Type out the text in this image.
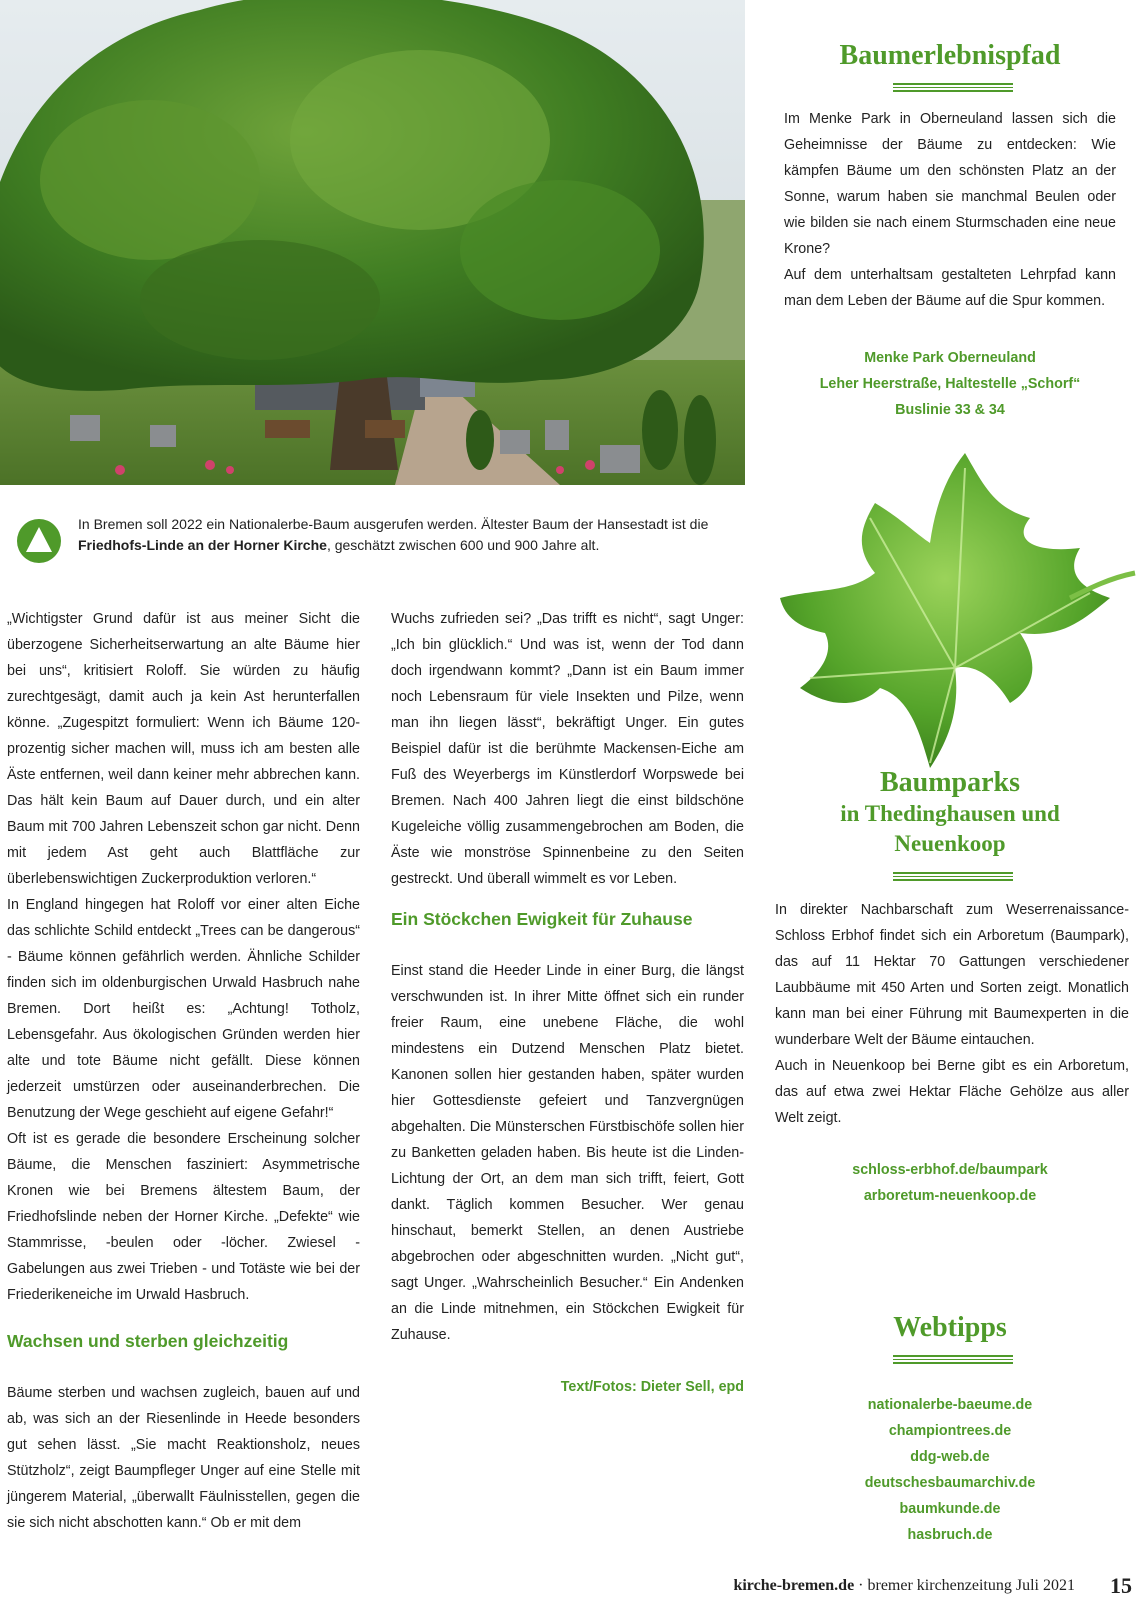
In Bremen soll 2022 ein Nationalerbe-Baum ausgerufen werden. Ältester Baum der Hansestadt ist die Friedhofs-Linde an der Horner Kirche, geschätzt zwischen 600 und 900 Jahre alt.

„Wichtigster Grund dafür ist aus meiner Sicht die überzogene Sicherheitserwartung an alte Bäume hier bei uns“, kritisiert Roloff. Sie würden zu häufig zurechtgesägt, damit auch ja kein Ast herunterfallen könne. „Zugespitzt formuliert: Wenn ich Bäume 120-prozentig sicher machen will, muss ich am besten alle Äste entfernen, weil dann keiner mehr abbrechen kann. Das hält kein Baum auf Dauer durch, und ein alter Baum mit 700 Jahren Lebenszeit schon gar nicht. Denn mit jedem Ast geht auch Blattfläche zur überlebenswichtigen Zuckerproduktion verloren.“

In England hingegen hat Roloff vor einer alten Eiche das schlichte Schild entdeckt „Trees can be dangerous“ - Bäume können gefährlich werden. Ähnliche Schilder finden sich im oldenburgischen Urwald Hasbruch nahe Bremen. Dort heißt es: „Achtung! Totholz, Lebensgefahr. Aus ökologischen Gründen werden hier alte und tote Bäume nicht gefällt. Diese können jederzeit umstürzen oder auseinanderbrechen. Die Benutzung der Wege geschieht auf eigene Gefahr!“

Oft ist es gerade die besondere Erscheinung solcher Bäume, die Menschen fasziniert: Asymmetrische Kronen wie bei Bremens ältestem Baum, der Friedhofslinde neben der Horner Kirche. „Defekte“ wie Stammrisse, -beulen oder -löcher. Zwiesel - Gabelungen aus zwei Trieben - und Totäste wie bei der Friederikeneiche im Urwald Hasbruch.

Wachsen und sterben gleichzeitig

Bäume sterben und wachsen zugleich, bauen auf und ab, was sich an der Riesenlinde in Heede besonders gut sehen lässt. „Sie macht Reaktionsholz, neues Stützholz“, zeigt Baumpfleger Unger auf eine Stelle mit jüngerem Material, „überwallt Fäulnisstellen, gegen die sie sich nicht abschotten kann.“ Ob er mit dem

Wuchs zufrieden sei? „Das trifft es nicht“, sagt Unger: „Ich bin glücklich.“ Und was ist, wenn der Tod dann doch irgendwann kommt? „Dann ist ein Baum immer noch Lebensraum für viele Insekten und Pilze, wenn man ihn liegen lässt“, bekräftigt Unger. Ein gutes Beispiel dafür ist die berühmte Mackensen-Eiche am Fuß des Weyerbergs im Künstlerdorf Worpswede bei Bremen. Nach 400 Jahren liegt die einst bildschöne Kugeleiche völlig zusammengebrochen am Boden, die Äste wie monströse Spinnenbeine zu den Seiten gestreckt. Und überall wimmelt es vor Leben.

Ein Stöckchen Ewigkeit für Zuhause

Einst stand die Heeder Linde in einer Burg, die längst verschwunden ist. In ihrer Mitte öffnet sich ein runder freier Raum, eine unebene Fläche, die wohl mindestens ein Dutzend Menschen Platz bietet. Kanonen sollen hier gestanden haben, später wurden hier Gottesdienste gefeiert und Tanzvergnügen abgehalten. Die Münsterschen Fürstbischöfe sollen hier zu Banketten geladen haben. Bis heute ist die Linden-Lichtung der Ort, an dem man sich trifft, feiert, Gott dankt. Täglich kommen Besucher. Wer genau hinschaut, bemerkt Stellen, an denen Austriebe abgebrochen oder abgeschnitten wurden. „Nicht gut“, sagt Unger. „Wahrscheinlich Besucher.“ Ein Andenken an die Linde mitnehmen, ein Stöckchen Ewigkeit für Zuhause.

Text/Fotos: Dieter Sell, epd
Baumerlebnispfad

Im Menke Park in Oberneuland lassen sich die Geheimnisse der Bäume zu entdecken: Wie kämpfen Bäume um den schönsten Platz an der Sonne, warum haben sie manchmal Beulen oder wie bilden sie nach einem Sturmschaden eine neue Krone?

Auf dem unterhaltsam gestalteten Lehrpfad kann man dem Leben der Bäume auf die Spur kommen.

Menke Park Oberneuland
Leher Heerstraße, Haltestelle „Schorf“
Buslinie 33 & 34
Baumparks
in Thedinghausen und
Neuenkoop

In direkter Nachbarschaft zum Weserrenaissance-Schloss Erbhof findet sich ein Arboretum (Baumpark), das auf 11 Hektar 70 Gattungen verschiedener Laubbäume mit 450 Arten und Sorten zeigt. Monatlich kann man bei einer Führung mit Baumexperten in die wunderbare Welt der Bäume eintauchen.

Auch in Neuenkoop bei Berne gibt es ein Arboretum, das auf etwa zwei Hektar Fläche Gehölze aus aller Welt zeigt.

schloss-erbhof.de/baumpark
arboretum-neuenkoop.de
Webtipps
nationalerbe-baeume.de
championtrees.de
ddg-web.de
deutschesbaumarchiv.de
baumkunde.de
hasbruch.de
kirche-bremen.de · bremer kirchenzeitung Juli 2021 15
